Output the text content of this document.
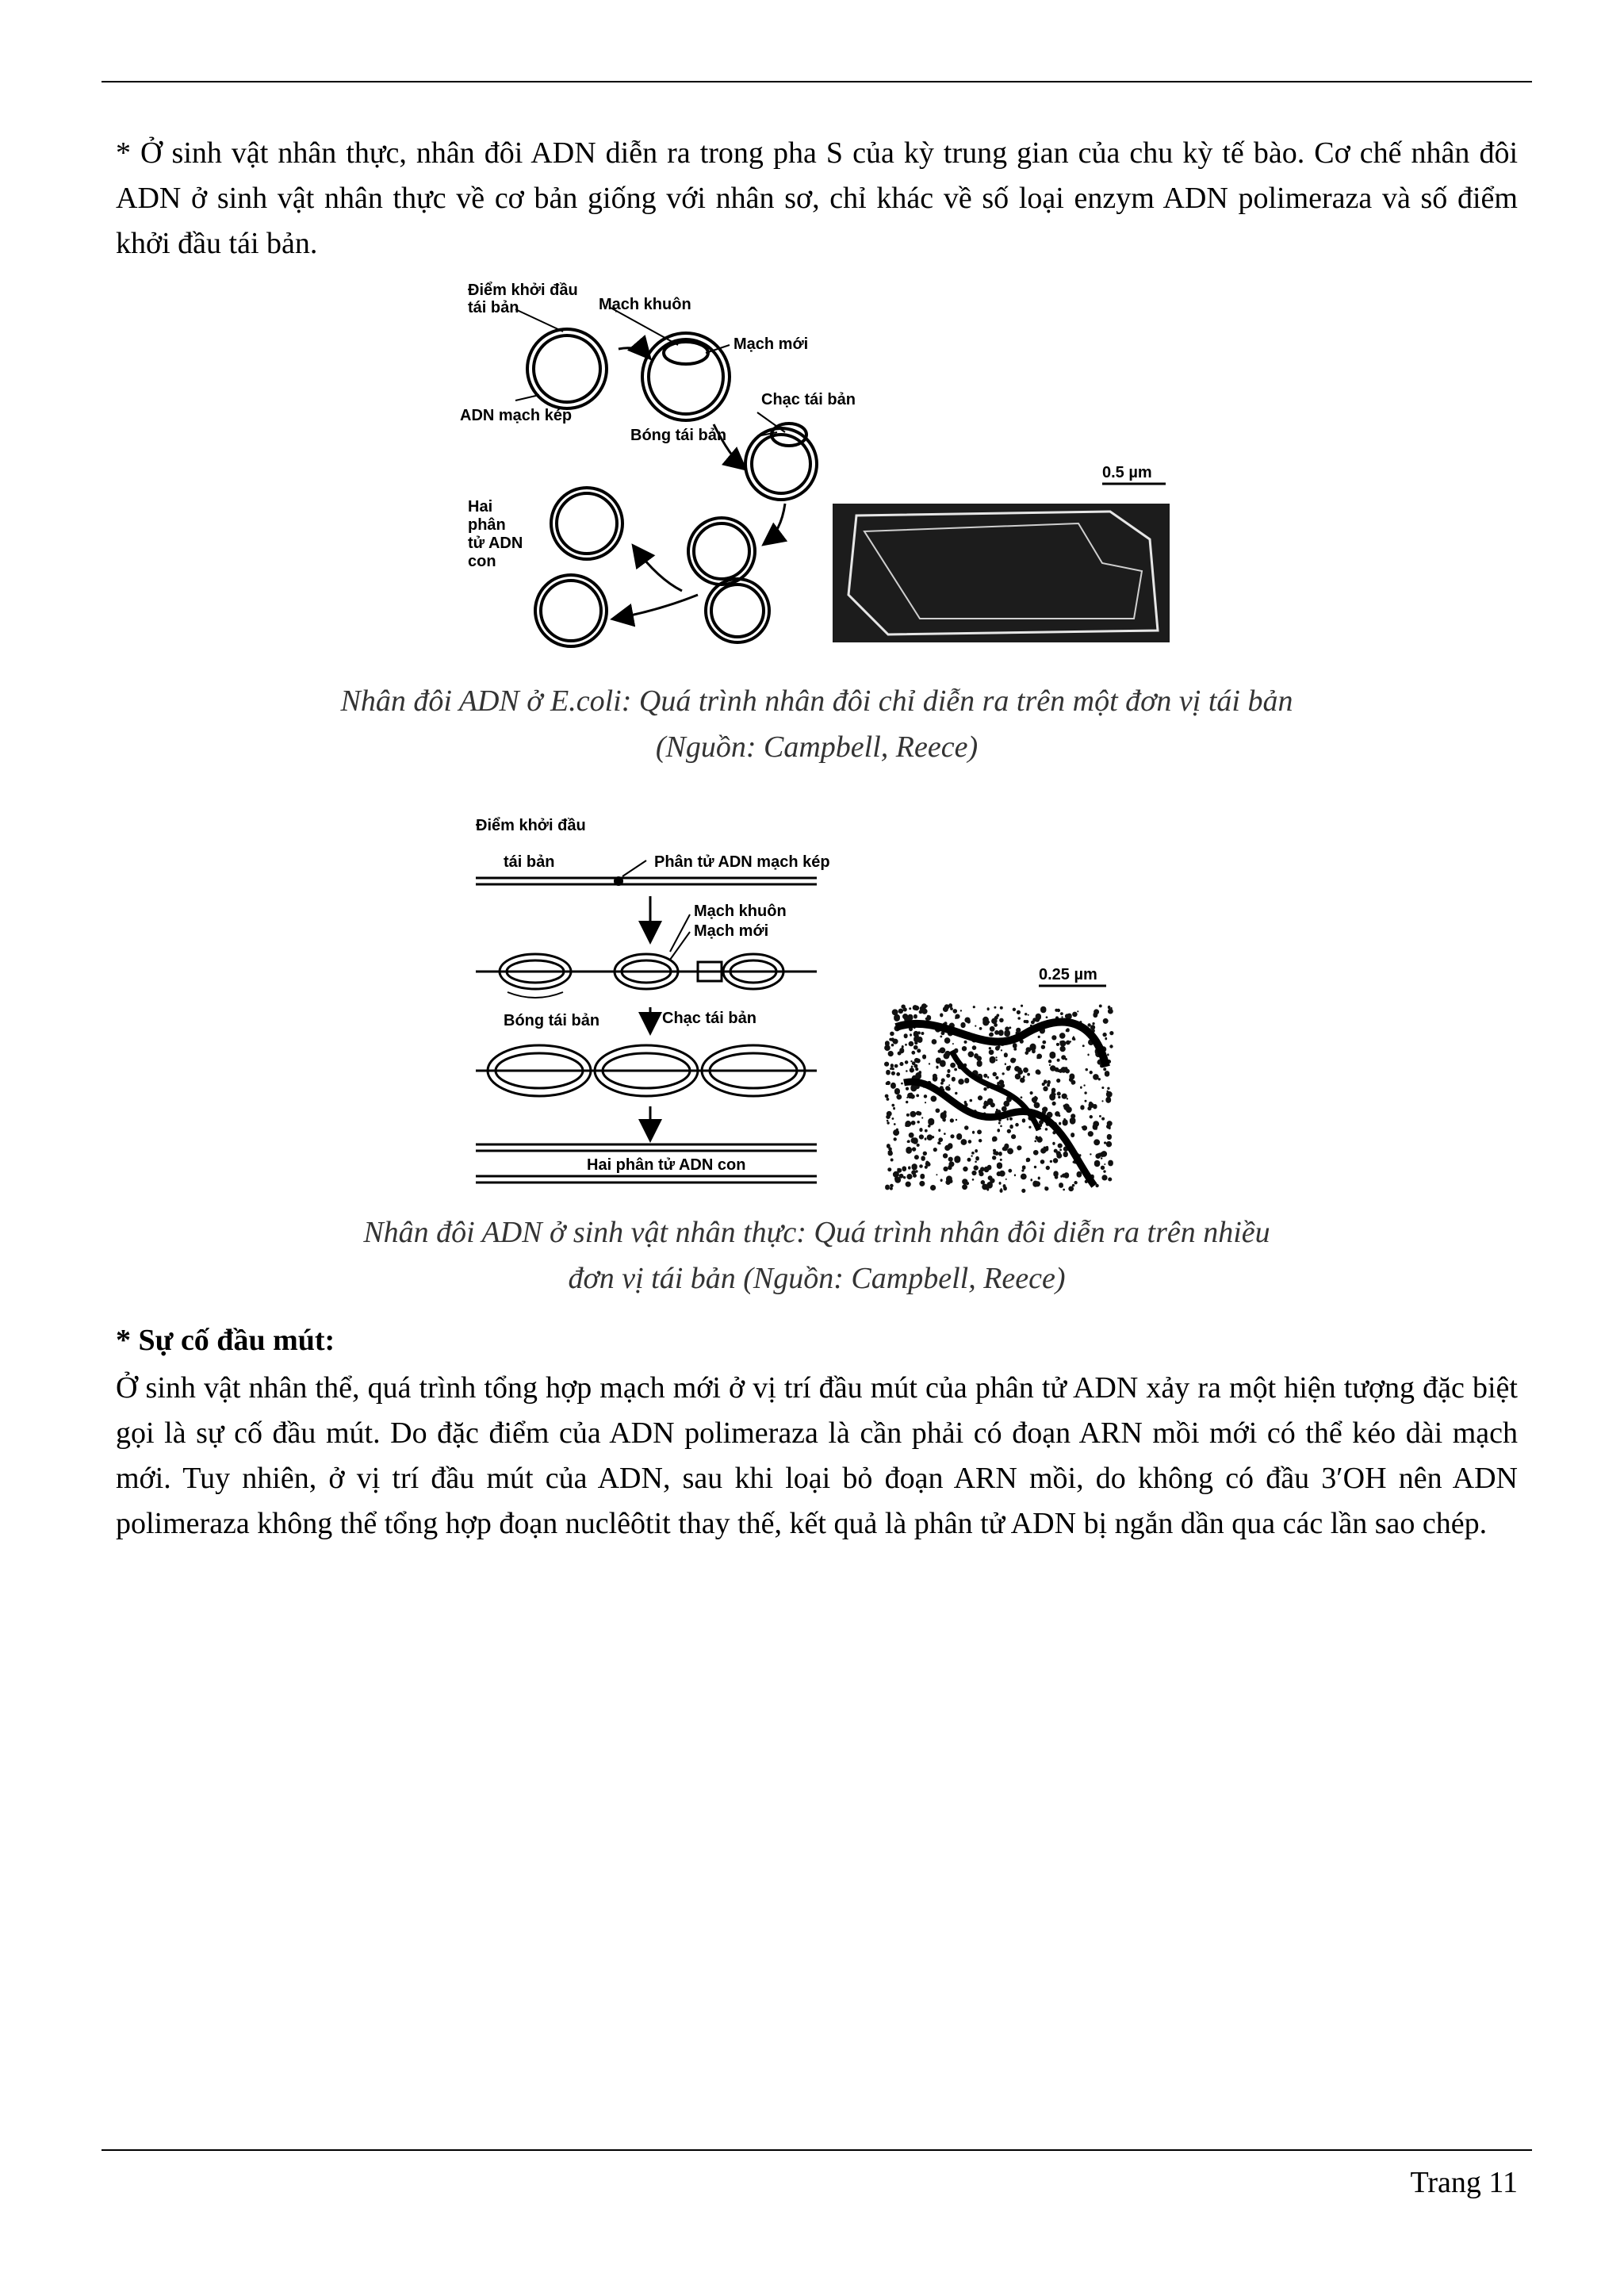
* Ở sinh vật nhân thực, nhân đôi ADN diễn ra trong pha S của kỳ trung gian của chu kỳ tế bào. Cơ chế nhân đôi ADN ở sinh vật nhân thực về cơ bản giống với nhân sơ, chỉ khác về số loại enzym ADN polimeraza và số điểm khởi đầu tái bản.

Điểm khởi đầu
tái bản	Mạch khuôn
Mạch mới
Chạc tái bản
ADN mạch kép
Bóng tái bản
Hai
phân
tử ADN
con
0.5 µm

Nhân đôi ADN ở E.coli: Quá trình nhân đôi chỉ diễn ra trên một đơn vị tái bản
(Nguồn: Campbell, Reece)

Điểm khởi đầu
tái bản	Phân tử ADN mạch kép
Mạch khuôn
Mạch mới
Bóng tái bản	Chạc tái bản
Hai phân tử ADN con
0.25 µm

Nhân đôi ADN ở sinh vật nhân thực: Quá trình nhân đôi diễn ra trên nhiều
đơn vị tái bản (Nguồn: Campbell, Reece)

* Sự cố đầu mút:

Ở sinh vật nhân thể, quá trình tổng hợp mạch mới ở vị trí đầu mút của phân tử ADN xảy ra một hiện tượng đặc biệt gọi là sự cố đầu mút. Do đặc điểm của ADN polimeraza là cần phải có đoạn ARN mồi mới có thể kéo dài mạch mới. Tuy nhiên, ở vị trí đầu mút của ADN, sau khi loại bỏ đoạn ARN mồi, do không có đầu 3′OH nên ADN polimeraza không thể tổng hợp đoạn nuclêôtit thay thế, kết quả là phân tử ADN bị ngắn dần qua các lần sao chép.

Trang 11
